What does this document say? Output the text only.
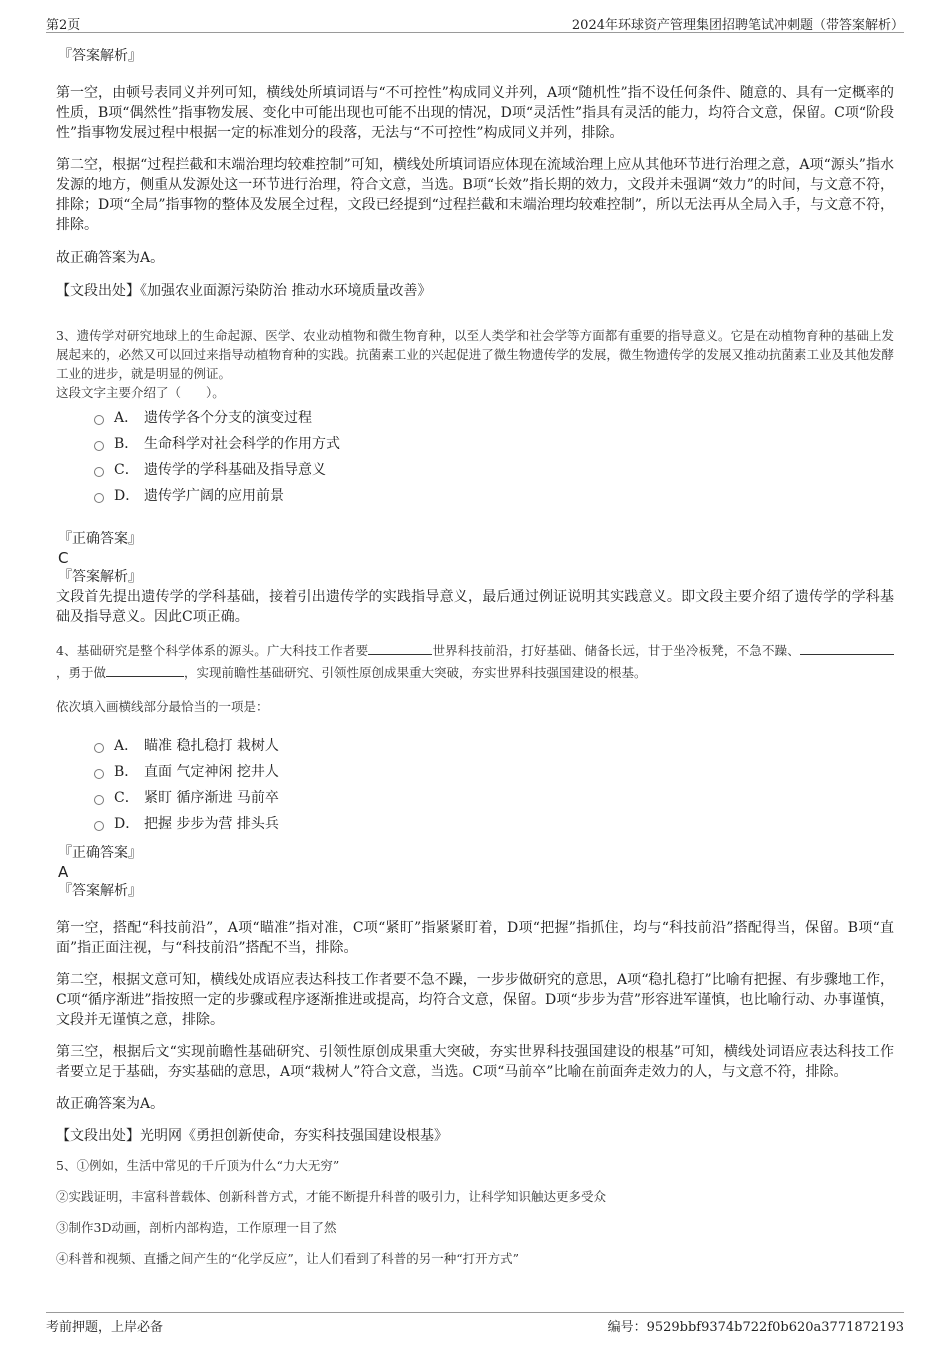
第2页	2024年环球资产管理集团招聘笔试冲刺题（带答案解析）

『答案解析』

第一空，由顿号表同义并列可知，横线处所填词语与“不可控性”构成同义并列，A项“随机性”指不设任何条件、随意的、具有一定概率的性质，B项“偶然性”指事物发展、变化中可能出现也可能不出现的情况，D项“灵活性”指具有灵活的能力，均符合文意，保留。C项“阶段性”指事物发展过程中根据一定的标准划分的段落，无法与“不可控性”构成同义并列，排除。

第二空，根据“过程拦截和末端治理均较难控制”可知，横线处所填词语应体现在流域治理上应从其他环节进行治理之意，A项“源头”指水发源的地方，侧重从发源处这一环节进行治理，符合文意，当选。B项“长效”指长期的效力，文段并未强调“效力”的时间，与文意不符，排除；D项“全局”指事物的整体及发展全过程，文段已经提到“过程拦截和末端治理均较难控制”，所以无法再从全局入手，与文意不符，排除。

故正确答案为A。

【文段出处】《加强农业面源污染防治 推动水环境质量改善》

3、遗传学对研究地球上的生命起源、医学、农业动植物和微生物育种，以至人类学和社会学等方面都有重要的指导意义。它是在动植物育种的基础上发展起来的，必然又可以回过来指导动植物育种的实践。抗菌素工业的兴起促进了微生物遗传学的发展，微生物遗传学的发展又推动抗菌素工业及其他发酵工业的进步，就是明显的例证。

这段文字主要介绍了（　　）。

A． 遗传学各个分支的演变过程
B． 生命科学对社会科学的作用方式
C． 遗传学的学科基础及指导意义
D． 遗传学广阔的应用前景

『正确答案』

C

『答案解析』

文段首先提出遗传学的学科基础，接着引出遗传学的实践指导意义，最后通过例证说明其实践意义。即文段主要介绍了遗传学的学科基础及指导意义。因此C项正确。

4、基础研究是整个科学体系的源头。广大科技工作者要	世界科技前沿，打好基础、储备长远，甘于坐冷板凳，不急不躁、，勇于做	，实现前瞻性基础研究、引领性原创成果重大突破，夯实世界科技强国建设的根基。

依次填入画横线部分最恰当的一项是：

A． 瞄准 稳扎稳打 栽树人
B． 直面 气定神闲 挖井人
C． 紧盯 循序渐进 马前卒
D． 把握 步步为营 排头兵

『正确答案』

A

『答案解析』

第一空，搭配“科技前沿”，A项“瞄准”指对准，C项“紧盯”指紧紧盯着，D项“把握”指抓住，均与“科技前沿”搭配得当，保留。B项“直面”指正面注视，与“科技前沿”搭配不当，排除。

第二空，根据文意可知，横线处成语应表达科技工作者要不急不躁，一步步做研究的意思，A项“稳扎稳打”比喻有把握、有步骤地工作，C项“循序渐进”指按照一定的步骤或程序逐渐推进或提高，均符合文意，保留。D项“步步为营”形容进军谨慎，也比喻行动、办事谨慎，文段并无谨慎之意，排除。

第三空，根据后文“实现前瞻性基础研究、引领性原创成果重大突破，夯实世界科技强国建设的根基”可知，横线处词语应表达科技工作者要立足于基础，夯实基础的意思，A项“栽树人”符合文意，当选。C项“马前卒”比喻在前面奔走效力的人，与文意不符，排除。

故正确答案为A。

【文段出处】光明网《勇担创新使命，夯实科技强国建设根基》

5、①例如，生活中常见的千斤顶为什么“力大无穷”

②实践证明，丰富科普载体、创新科普方式，才能不断提升科普的吸引力，让科学知识触达更多受众

③制作3D动画，剖析内部构造，工作原理一目了然

④科普和视频、直播之间产生的“化学反应”，让人们看到了科普的另一种“打开方式”

考前押题，上岸必备	编号：9529bbf9374b722f0b620a3771872193
